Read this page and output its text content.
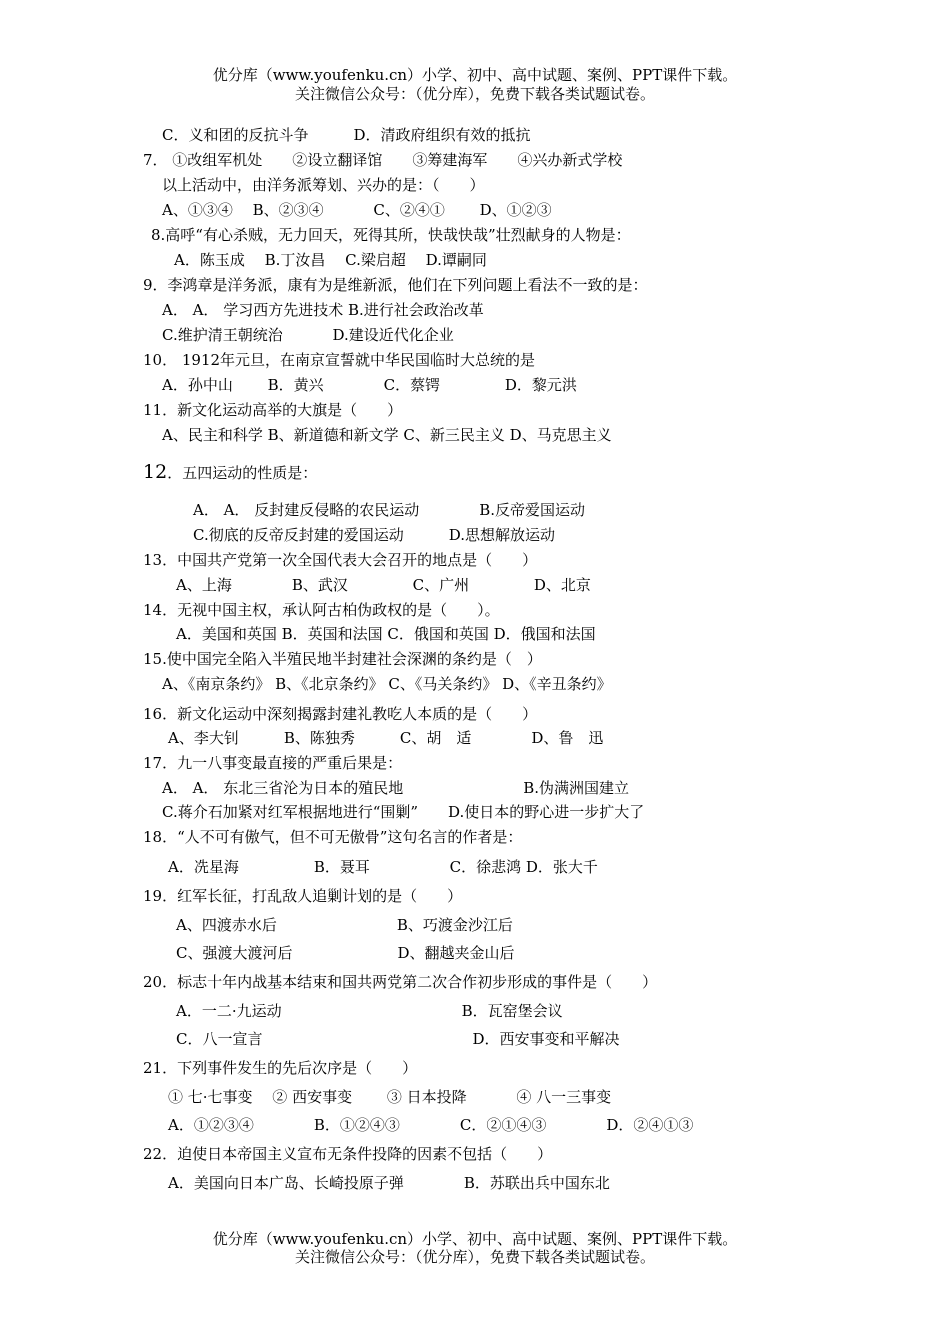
优分库（www.youfenku.cn）小学、初中、高中试题、案例、PPT课件下载。
关注微信公众号：（优分库），免费下载各类试题试卷。
C．义和团的反抗斗争　　　D．清政府组织有效的抵抗
7． ①改组军机处　　②设立翻译馆　　③筹建海军　　④兴办新式学校
以上活动中，由洋务派筹划、兴办的是：（　　）
A、①③④　 B、②③④　　　 C、②④①　　 D、①②③
8.高呼“有心杀贼，无力回天，死得其所，快哉快哉”壮烈献身的人物是：
A．陈玉成　 B.丁汝昌　 C.梁启超　 D.谭嗣同
9．李鸿章是洋务派，康有为是维新派，他们在下列问题上看法不一致的是：
A． A． 学习西方先进技术 B.进行社会政治改革
C.维护清王朝统治　　　 D.建设近代化企业
10． 1912年元旦，在南京宣誓就中华民国临时大总统的是
A．孙中山　　 B．黄兴　　　　C．蔡锷　　　　 D．黎元洪
11．新文化运动高举的大旗是（　　）
A、民主和科学 B、新道德和新文学 C、新三民主义 D、马克思主义
12．五四运动的性质是：
A． A． 反封建反侵略的农民运动　　　　B.反帝爱国运动
C.彻底的反帝反封建的爱国运动　　　D.思想解放运动
13．中国共产党第一次全国代表大会召开的地点是（　　）
A、上海　　　　B、武汉　　　　 C、广州　　　　 D、北京
14．无视中国主权，承认阿古柏伪政权的是（　　）。
A．美国和英国 B．英国和法国 C．俄国和英国 D．俄国和法国
15.使中国完全陷入半殖民地半封建社会深渊的条约是（　）
A、《南京条约》 B、《北京条约》 C、《马关条约》 D、《辛丑条约》
16．新文化运动中深刻揭露封建礼教吃人本质的是（　　）
A、李大钊　　　B、陈独秀　　　C、胡　适　　　　D、鲁　迅
17．九一八事变最直接的严重后果是：
A． A． 东北三省沦为日本的殖民地　　　　　　　　B.伪满洲国建立
C.蒋介石加紧对红军根据地进行“围剿”　　D.使日本的野心进一步扩大了
18．“人不可有傲气，但不可无傲骨”这句名言的作者是：
A．冼星海　　　　　B．聂耳　　　　　 C．徐悲鸿 D．张大千
19．红军长征，打乱敌人追剿计划的是（　　）
A、四渡赤水后　　　　　　　　B、巧渡金沙江后
C、强渡大渡河后　　　　　　　D、翻越夹金山后
20．标志十年内战基本结束和国共两党第二次合作初步形成的事件是（　　）
A．一二·九运动　　　　　　　　　　　　B．瓦窑堡会议
C．八一宣言　　　　　　　　　　　　　　D．西安事变和平解决
21．下列事件发生的先后次序是（　　）
① 七·七事变　 ② 西安事变　　 ③ 日本投降　　　 ④ 八一三事变
A．①②③④　　　　B．①②④③　　　　C．②①④③　　　　D．②④①③
22．迫使日本帝国主义宣布无条件投降的因素不包括（　　）
A．美国向日本广岛、长崎投原子弹　　　　B．苏联出兵中国东北
优分库（www.youfenku.cn）小学、初中、高中试题、案例、PPT课件下载。
关注微信公众号：（优分库），免费下载各类试题试卷。
